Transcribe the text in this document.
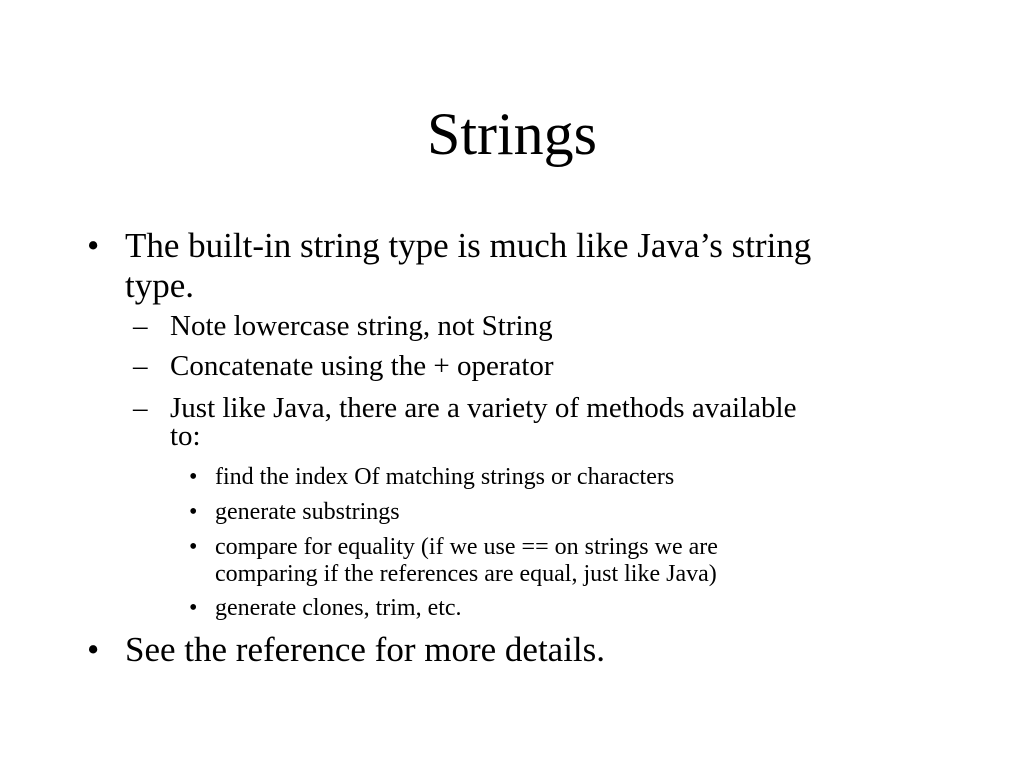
Strings
• The built-in string type is much like Java’s string
type.
– Note lowercase string, not String
– Concatenate using the + operator
– Just like Java, there are a variety of methods available
to:
• find the index Of matching strings or characters
• generate substrings
• compare for equality (if we use == on strings we are
comparing if the references are equal, just like Java)
• generate clones, trim, etc.
• See the reference for more details.
